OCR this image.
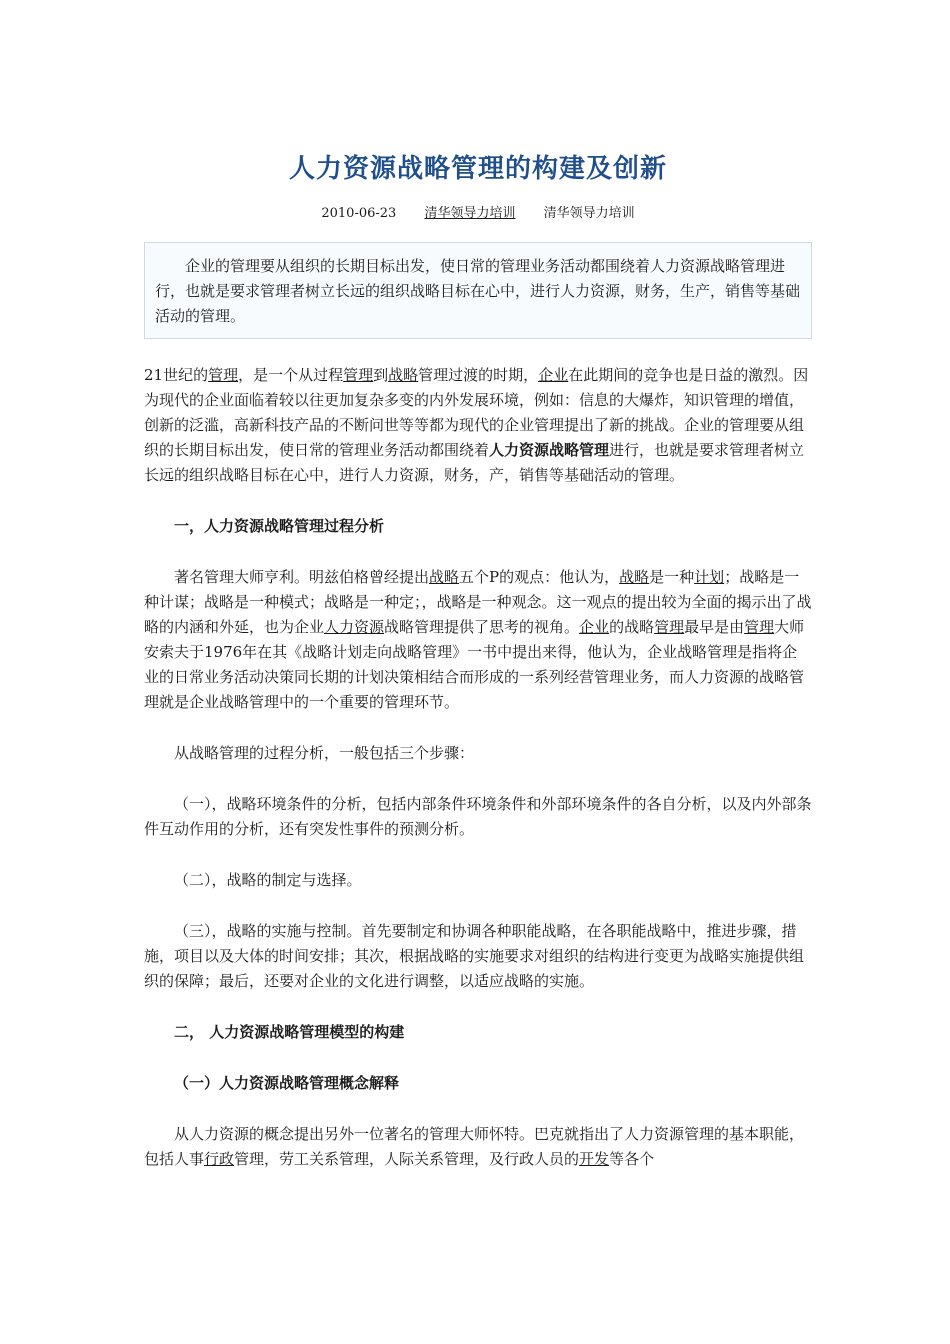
人力资源战略管理的构建及创新
2010-06-23 清华领导力培训 清华领导力培训
企业的管理要从组织的长期目标出发，使日常的管理业务活动都围绕着人力资源战略管理进行，也就是要求管理者树立长远的组织战略目标在心中，进行人力资源，财务，生产，销售等基础活动的管理。

21世纪的管理，是一个从过程管理到战略管理过渡的时期，企业在此期间的竞争也是日益的激烈。因为现代的企业面临着较以往更加复杂多变的内外发展环境，例如：信息的大爆炸，知识管理的增值，创新的泛滥，高新科技产品的不断问世等等都为现代的企业管理提出了新的挑战。企业的管理要从组织的长期目标出发，使日常的管理业务活动都围绕着人力资源战略管理进行，也就是要求管理者树立长远的组织战略目标在心中，进行人力资源，财务，产，销售等基础活动的管理。

一，人力资源战略管理过程分析

著名管理大师亨利。明兹伯格曾经提出战略五个P的观点：他认为，战略是一种计划；战略是一种计谋；战略是一种模式；战略是一种定；，战略是一种观念。这一观点的提出较为全面的揭示出了战略的内涵和外延，也为企业人力资源战略管理提供了思考的视角。企业的战略管理最早是由管理大师安索夫于1976年在其《战略计划走向战略管理》一书中提出来得，他认为，企业战略管理是指将企业的日常业务活动决策同长期的计划决策相结合而形成的一系列经营管理业务，而人力资源的战略管理就是企业战略管理中的一个重要的管理环节。

从战略管理的过程分析，一般包括三个步骤：

（一），战略环境条件的分析，包括内部条件环境条件和外部环境条件的各自分析，以及内外部条件互动作用的分析，还有突发性事件的预测分析。

（二），战略的制定与选择。

（三），战略的实施与控制。首先要制定和协调各种职能战略，在各职能战略中，推进步骤，措施，项目以及大体的时间安排；其次，根据战略的实施要求对组织的结构进行变更为战略实施提供组织的保障；最后，还要对企业的文化进行调整，以适应战略的实施。

二， 人力资源战略管理模型的构建

（一）人力资源战略管理概念解释

从人力资源的概念提出另外一位著名的管理大师怀特。巴克就指出了人力资源管理的基本职能，包括人事行政管理，劳工关系管理，人际关系管理，及行政人员的开发等各个
